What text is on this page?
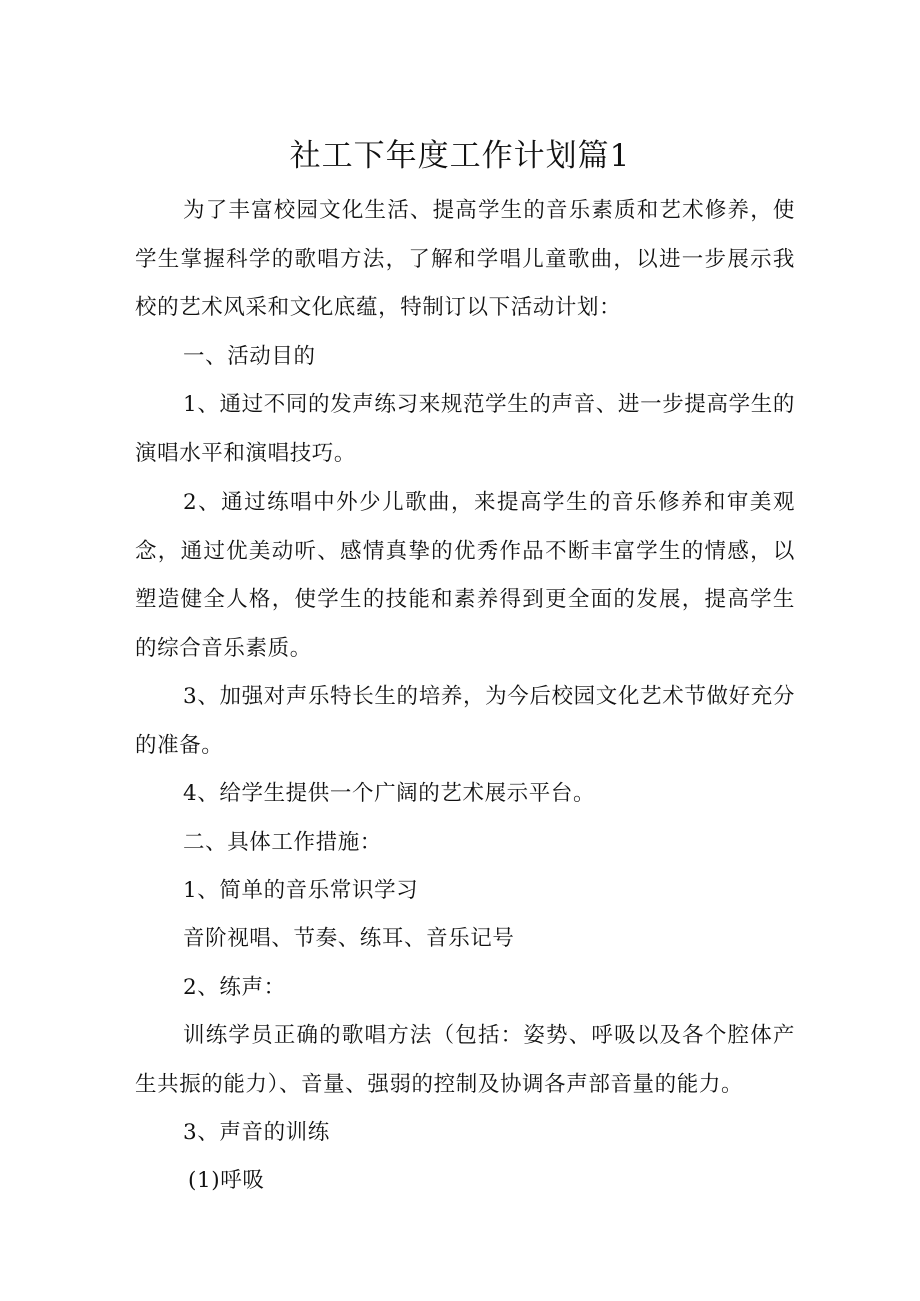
社工下年度工作计划篇1

为了丰富校园文化生活、提高学生的音乐素质和艺术修养，使学生掌握科学的歌唱方法，了解和学唱儿童歌曲，以进一步展示我校的艺术风采和文化底蕴，特制订以下活动计划：

一、活动目的

1、通过不同的发声练习来规范学生的声音、进一步提高学生的演唱水平和演唱技巧。

2、通过练唱中外少儿歌曲，来提高学生的音乐修养和审美观念，通过优美动听、感情真挚的优秀作品不断丰富学生的情感，以塑造健全人格，使学生的技能和素养得到更全面的发展，提高学生的综合音乐素质。

3、加强对声乐特长生的培养，为今后校园文化艺术节做好充分的准备。

4、给学生提供一个广阔的艺术展示平台。

二、具体工作措施：

1、简单的音乐常识学习

音阶视唱、节奏、练耳、音乐记号

2、练声：

训练学员正确的歌唱方法（包括：姿势、呼吸以及各个腔体产生共振的能力）、音量、强弱的控制及协调各声部音量的能力。

3、声音的训练

(1)呼吸
